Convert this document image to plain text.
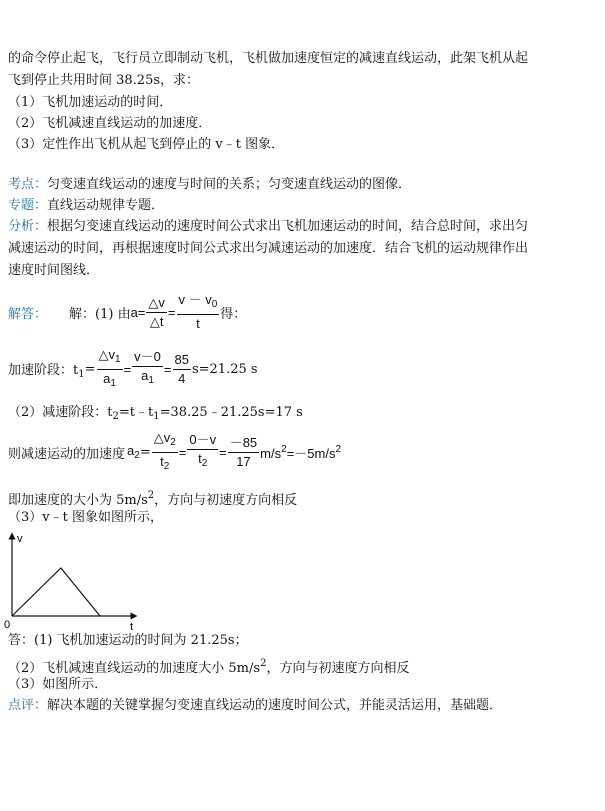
的命令停止起飞，飞行员立即制动飞机，飞机做加速度恒定的减速直线运动，此架飞机从起
飞到停止共用时间 38.25s，求：
（1）飞机加速运动的时间．
（2）飞机减速直线运动的加速度．
（3）定性作出飞机从起飞到停止的 v﹣t 图象．
考点：匀变速直线运动的速度与时间的关系；匀变速直线运动的图像．
专题：直线运动规律专题．
分析：根据匀变速直线运动的速度时间公式求出飞机加速运动的时间，结合总时间，求出匀
减速运动的时间，再根据速度时间公式求出匀减速运动的加速度．结合飞机的运动规律作出
速度时间图线．
解答： 解：(1) 由 $a= \frac{\triangle v}{\triangle t} = \frac{v - v_0}{t}$ 得：
加速阶段：$t_1 = \frac{\triangle v_1}{a_1} = \frac{v-0}{a_1} = \frac{85}{4} s=21.25$ s
（2）减速阶段：$t_2=t﹣t_1=38.25﹣21.25s=17$ s
则减速运动的加速度 $a_2 = \frac{\triangle v_2}{t_2} = \frac{0-v}{t_2} = \frac{-85}{17} m/s^2=-5m/s^2$
即加速度的大小为 $5m/s^2$，方向与初速度方向相反
（3）v﹣t 图象如图所示，
v
t
0
答：(1) 飞机加速运动的时间为 21.25s；
（2）飞机减速直线运动的加速度大小 $5m/s^2$，方向与初速度方向相反
（3）如图所示．
点评：解决本题的关键掌握匀变速直线运动的速度时间公式，并能灵活运用，基础题．
